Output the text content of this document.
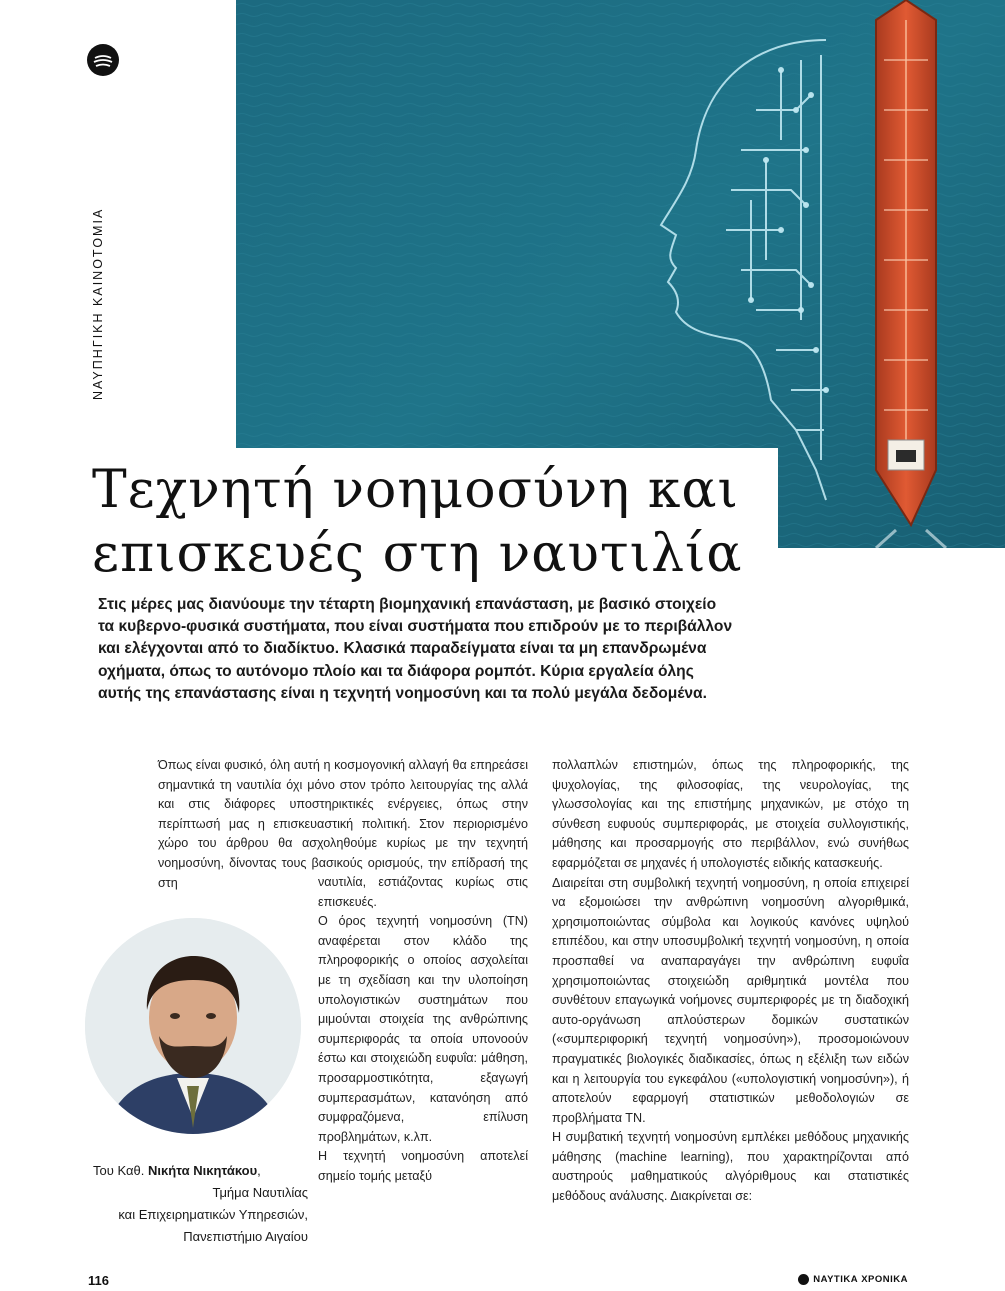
ΝΑΥΠΗΓΙΚΗ ΚΑΙΝΟΤΟΜΙΑ
Τεχνητή νοημοσύνη και
επισκευές στη ναυτιλία

Στις μέρες μας διανύουμε την τέταρτη βιομηχανική επανάσταση, με βασικό στοιχείο τα κυβερνο-φυσικά συστήματα, που είναι συστήματα που επιδρούν με το περιβάλλον και ελέγχονται από το διαδίκτυο. Κλασικά παραδείγματα είναι τα μη επανδρωμένα οχήματα, όπως το αυτόνομο πλοίο και τα διάφορα ρομπότ. Κύρια εργαλεία όλης αυτής της επανάστασης είναι η τεχνητή νοημοσύνη και τα πολύ μεγάλα δεδομένα.

Όπως είναι φυσικό, όλη αυτή η κοσμογονική αλλαγή θα επηρεάσει σημαντικά τη ναυτιλία όχι μόνο στον τρόπο λειτουργίας της αλλά και στις διάφορες υποστηρικτικές ενέργειες, όπως στην περίπτωσή μας η επισκευαστική πολιτική. Στον περιορισμένο χώρο του άρθρου θα ασχοληθούμε κυρίως με την τεχνητή νοημοσύνη, δίνοντας τους βασικούς ορισμούς, την επίδρασή της στη	ναυτιλία, εστιάζοντας κυρίως στις επισκευές.

Ο όρος τεχνητή νοημοσύνη (ΤΝ) αναφέρεται στον κλάδο της πληροφορικής ο οποίος ασχολείται με τη σχεδίαση και την υλοποίηση υπολογιστικών συστημάτων που μιμούνται στοιχεία της ανθρώπινης συμπεριφοράς τα οποία υπονοούν έστω και στοιχειώδη ευφυΐα: μάθηση, προσαρμοστικότητα, εξαγωγή συμπερασμάτων, κατανόηση από συμφραζόμενα, επίλυση προβλημάτων, κ.λπ.

Η τεχνητή νοημοσύνη αποτελεί σημείο τομής μεταξύ

Του Καθ. Νικήτα Νικητάκου,
Τμήμα Ναυτιλίας
και Επιχειρηματικών Υπηρεσιών,
Πανεπιστήμιο Αιγαίου

πολλαπλών επιστημών, όπως της πληροφορικής, της ψυχολογίας, της φιλοσοφίας, της νευρολογίας, της γλωσσολογίας και της επιστήμης μηχανικών, με στόχο τη σύνθεση ευφυούς συμπεριφοράς, με στοιχεία συλλογιστικής, μάθησης και προσαρμογής στο περιβάλλον, ενώ συνήθως εφαρμόζεται σε μηχανές ή υπολογιστές ειδικής κατασκευής.

Διαιρείται στη συμβολική τεχνητή νοημοσύνη, η οποία επιχειρεί να εξομοιώσει την ανθρώπινη νοημοσύνη αλγοριθμικά, χρησιμοποιώντας σύμβολα και λογικούς κανόνες υψηλού επιπέδου, και στην υποσυμβολική τεχνητή νοημοσύνη, η οποία προσπαθεί να αναπαραγάγει την ανθρώπινη ευφυΐα χρησιμοποιώντας στοιχειώδη αριθμητικά μοντέλα που συνθέτουν επαγωγικά νοήμονες συμπεριφορές με τη διαδοχική αυτο-οργάνωση απλούστερων δομικών συστατικών («συμπεριφορική τεχνητή νοημοσύνη»), προσομοιώνουν πραγματικές βιολογικές διαδικασίες, όπως η εξέλιξη των ειδών και η λειτουργία του εγκεφάλου («υπολογιστική νοημοσύνη»), ή αποτελούν εφαρμογή στατιστικών μεθοδολογιών σε προβλήματα ΤΝ.

Η συμβατική τεχνητή νοημοσύνη εμπλέκει μεθόδους μηχανικής μάθησης (machine learning), που χαρακτηρίζονται από αυστηρούς μαθηματικούς αλγόριθμους και στατιστικές μεθόδους ανάλυσης. Διακρίνεται σε:

116	ΝΑΥΤΙΚΑ ΧΡΟΝΙΚΑ
